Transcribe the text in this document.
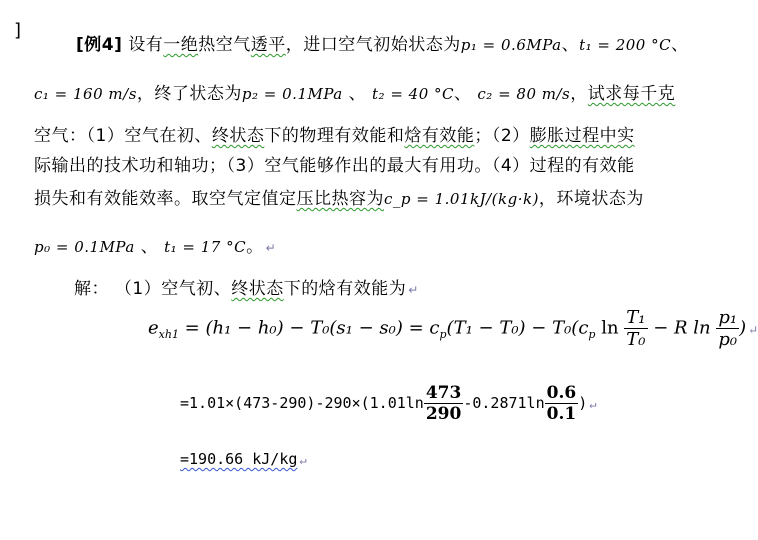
]
[例4] 设有一绝热空气透平，进口空气初始状态为p₁ = 0.6MPa、t₁ = 200 °C、
c₁ = 160 m/s，终了状态为p₂ = 0.1MPa 、 t₂ = 40 °C、 c₂ = 80 m/s，试求每千克
空气：（1）空气在初、终状态下的物理有效能和焓有效能；（2）膨胀过程中实
际输出的技术功和轴功；（3）空气能够作出的最大有用功。（4）过程的有效能
损失和有效能效率。取空气定值定压比热容为c_p = 1.01kJ/(kg·k)，环境状态为
p₀ = 0.1MPa 、 t₁ = 17 °C。 ↵
解： （1）空气初、终状态下的焓有效能为 ↵
$e_{xh1} = (h_1 - h_0) - T_0(s_1 - s_0) = c_p(T_1 - T_0) - T_0(c_p$ $\ln \frac{\text{T₁}}{\text{T₀}} - R$ $\ln \frac{\text{p₁}}{\text{p₀}}$ ) ↵
$=1.01\times(473-290)-290\times(1.01\ln \frac{473}{290} -0.2871\ln \frac{0.6}{0.1}$ ) ↵
=190.66 kJ/kg ↵
